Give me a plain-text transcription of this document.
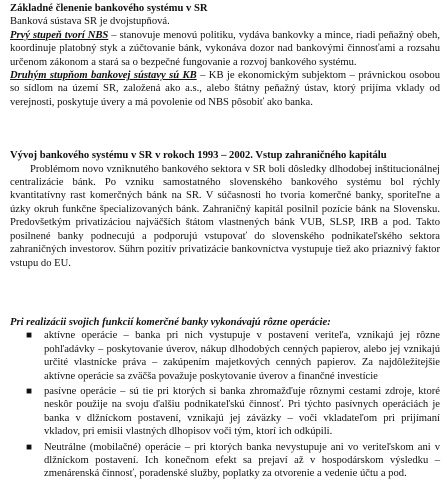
Základné členenie bankového systému v SR

Banková sústava SR je dvojstupňová.

Prvý stupeň tvorí NBS – stanovuje menovú politiku, vydáva bankovky a mince, riadi peňažný obeh, koordinuje platobný styk a zúčtovanie bánk, vykonáva dozor nad bankovými činnosťami a rozsahu určenom zákonom a stará sa o bezpečné fungovanie a rozvoj bankového systému.

Druhým stupňom bankovej sústavy sú KB – KB je ekonomickým subjektom – právnickou osobou so sídlom na území SR, založená ako a.s., alebo štátny peňažný ústav, ktorý prijíma vklady od verejnosti, poskytuje úvery a má povolenie od NBS pôsobiť ako banka.

Vývoj bankového systému v SR v rokoch 1993 – 2002. Vstup zahraničného kapitálu

Problémom novo vzniknutého bankového sektora v SR boli dôsledky dlhodobej inštitucionálnej centralizácie bánk. Po vzniku samostatného slovenského bankového systému bol rýchly kvantitatívny rast komerčných bánk na SR. V súčasnosti ho tvoria komerčné banky, sporiteľne a úzky okruh funkčne špecializovaných bánk. Zahraničný kapitál posilnil pozície bánk na Slovensku. Predovšetkým privatizáciou najväčších štátom vlastnených bánk VUB, SLSP, IRB a pod. Takto posilnené banky podnecujú a podporujú vstupovať do slovenského podnikateľského sektora zahraničných investorov. Sührn pozitív privatizácie bankovníctva vystupuje tiež ako priaznivý faktor vstupu do EU.

Pri realizácii svojich funkcií komerčné banky vykonávajú rôzne operácie:

■ aktívne operácie – banka pri nich vystupuje v postavení veriteľa, vznikajú jej rôzne pohľadávky – poskytovanie úverov, nákup dlhodobých cenných papierov, alebo jej vznikajú určité vlastnícke práva – zakúpením majetkových cenných papierov. Za najdôležitejšie aktívne operácie sa zväčša považuje poskytovanie úverov a finančné investície
■ pasívne operácie – sú tie pri ktorých si banka zhromažďuje rôznymi cestami zdroje, ktoré neskôr použije na svoju ďalšiu podnikateľskú činnosť. Pri týchto pasívnych operáciách je banka v dlžníckom postavení, vznikajú jej záväzky – voči vkladateľom pri prijímaní vkladov, pri emisii vlastných dlhopisov voči tým, ktorí ich odkúpili.
■ Neutrálne (mobilačné) operácie – pri ktorých banka nevystupuje ani vo veriteľskom ani v dlžníckom postavení. Ich konečnom efekt sa prejaví až v hospodárskom výsledku – zmenárenská činnosť, poradenské služby, poplatky za otvorenie a vedenie účtu a pod.
